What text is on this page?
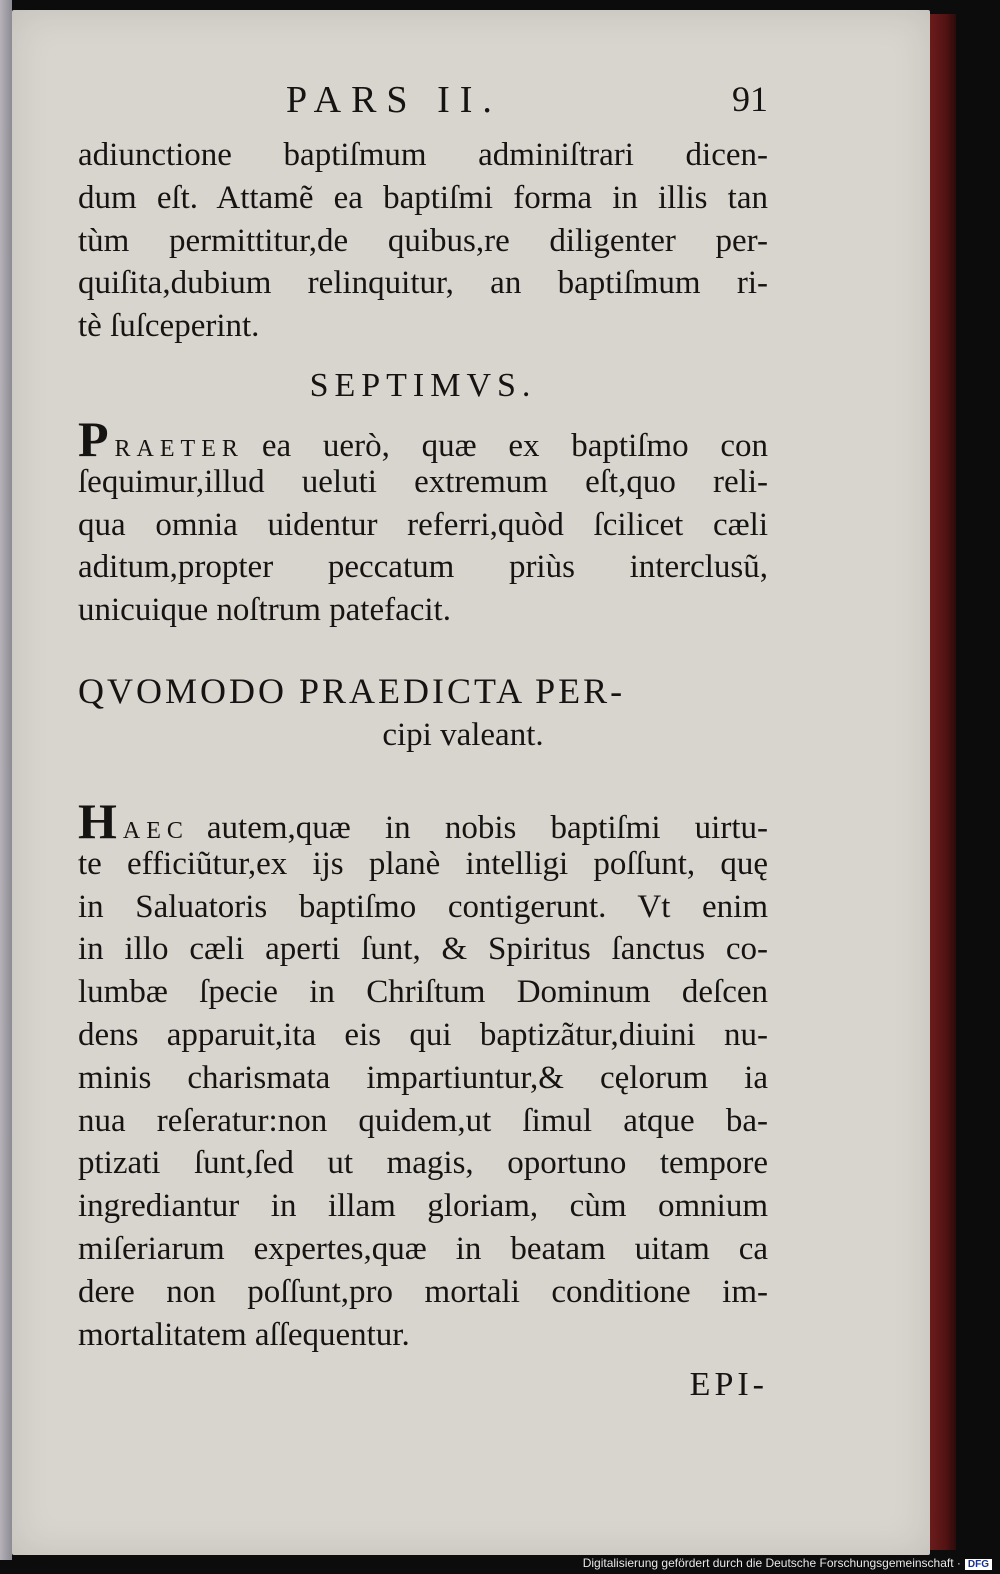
PARS II.	91
adiunctione baptiſmum adminiſtrari dicen-
dum eſt. Attamẽ ea baptiſmi forma in illis tan
tùm permittitur,de quibus,re diligenter per-
quiſita,dubium relinquitur, an baptiſmum ri-
tè ſuſceperint.
SEPTIMVS.
PRAETER ea uerò, quæ ex baptiſmo con
ſequimur,illud ueluti extremum eſt,quo reli-
qua omnia uidentur referri,quòd ſcilicet cæli
aditum,propter peccatum priùs interclusũ,
unicuique noſtrum patefacit.
QVOMODO PRAEDICTA PER-
cipi valeant.
HAEC autem,quæ in nobis baptiſmi uirtu-
te efficiũtur,ex ijs planè intelligi poſſunt, quę
in Saluatoris baptiſmo contigerunt. Vt enim
in illo cæli aperti ſunt, & Spiritus ſanctus co-
lumbæ ſpecie in Chriſtum Dominum deſcen
dens apparuit,ita eis qui baptizãtur,diuini nu-
minis charismata impartiuntur,& cęlorum ia
nua reſeratur:non quidem,ut ſimul atque ba-
ptizati ſunt,ſed ut magis, oportuno tempore
ingrediantur in illam gloriam, cùm omnium
miſeriarum expertes,quæ in beatam uitam ca
dere non poſſunt,pro mortali conditione im-
mortalitatem aſſequentur.
EPI-
Digitalisierung gefördert durch die Deutsche Forschungsgemeinschaft · DFG
